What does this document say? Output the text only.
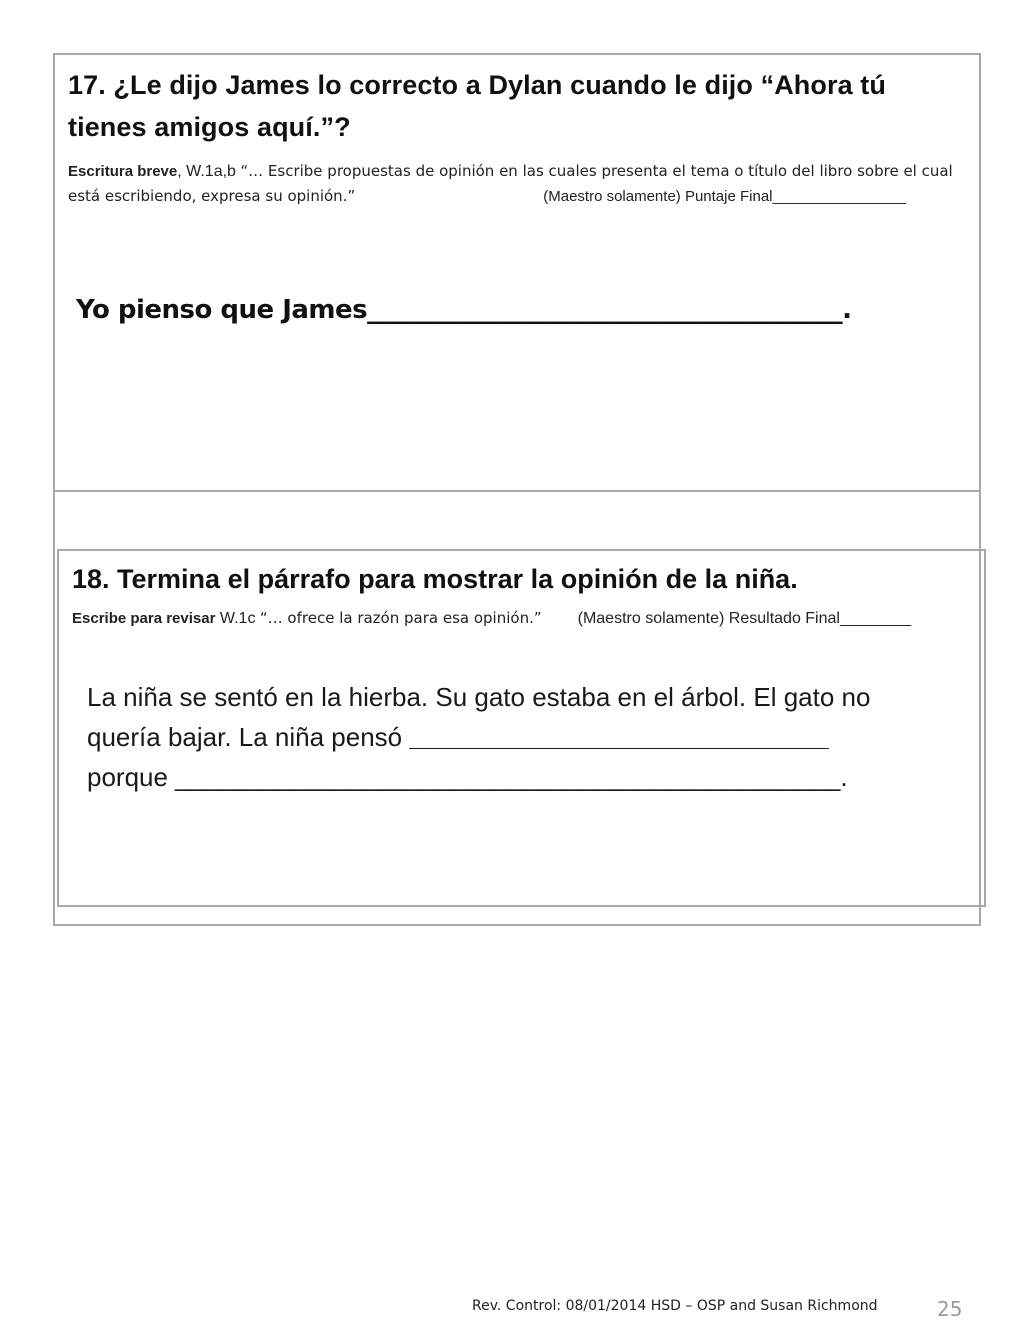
17. ¿Le dijo James lo correcto a Dylan cuando le dijo “Ahora tú tienes amigos aquí.”?
Escritura breve, W.1a,b “… Escribe propuestas de opinión en las cuales presenta el tema o título del libro sobre el cual está escribiendo, expresa su opinión.”	(Maestro solamente) Puntaje Final________________
Yo pienso que James______________________________________.
18. Termina el párrafo para mostrar la opinión de la niña.
Escribe para revisar W.1c “… ofrece la razón para esa opinión.” (Maestro solamente) Resultado Final________
La niña se sentó en la hierba. Su gato estaba en el árbol. El gato no
quería bajar. La niña pensó _____________________________
porque ______________________________________________.
Rev. Control: 08/01/2014 HSD – OSP and Susan Richmond	25
